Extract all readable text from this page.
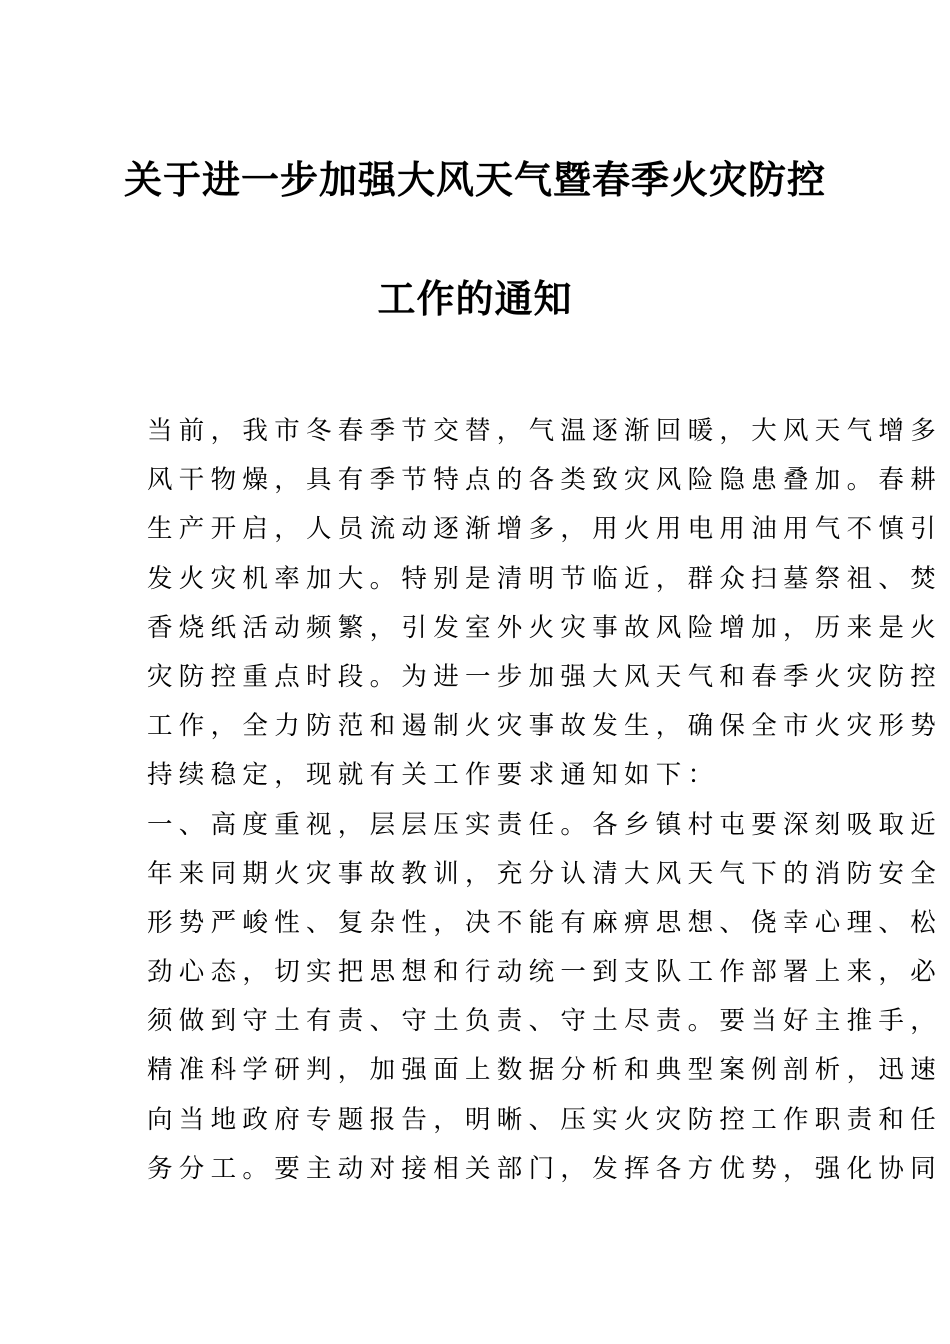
关于进一步加强大风天气暨春季火灾防控
工作的通知
当前，我市冬春季节交替，气温逐渐回暖，大风天气增多
风干物燥，具有季节特点的各类致灾风险隐患叠加。春耕
生产开启，人员流动逐渐增多，用火用电用油用气不慎引
发火灾机率加大。特别是清明节临近，群众扫墓祭祖、焚
香烧纸活动频繁，引发室外火灾事故风险增加，历来是火
灾防控重点时段。为进一步加强大风天气和春季火灾防控
工作，全力防范和遏制火灾事故发生，确保全市火灾形势
持续稳定，现就有关工作要求通知如下：
一、高度重视，层层压实责任。各乡镇村屯要深刻吸取近
年来同期火灾事故教训，充分认清大风天气下的消防安全
形势严峻性、复杂性，决不能有麻痹思想、侥幸心理、松
劲心态，切实把思想和行动统一到支队工作部署上来，必
须做到守土有责、守土负责、守土尽责。要当好主推手，
精准科学研判，加强面上数据分析和典型案例剖析，迅速
向当地政府专题报告，明晰、压实火灾防控工作职责和任
务分工。要主动对接相关部门，发挥各方优势，强化协同
